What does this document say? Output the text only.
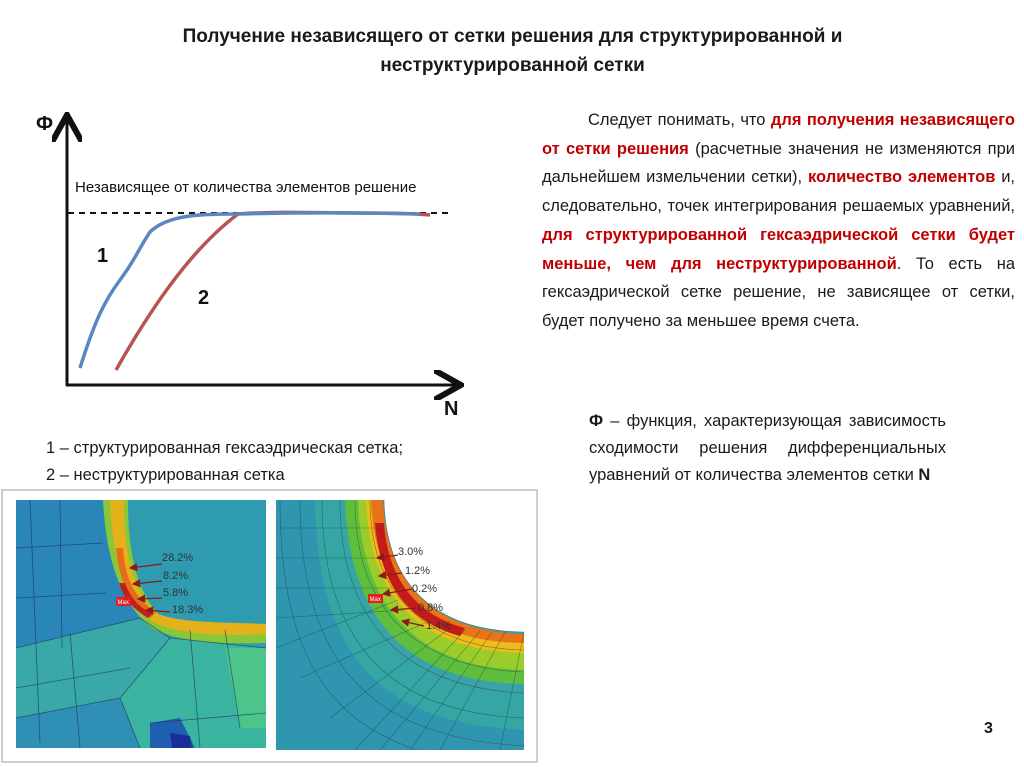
Получение независящего от сетки решения для структурированной и неструктурированной сетки
Ф
N
Независящее от количества элементов решение
1
2
1 – структурированная гексаэдрическая сетка;
2 – неструктурированная сетка

Следует понимать, что для получения независящего от сетки решения (расчетные значения не изменяются при дальнейшем измельчении сетки), количество элементов и, следовательно, точек интегрирования решаемых уравнений, для структурированной гексаэдрической сетки будет меньше, чем для неструктурированной. То есть на гексаэдрической сетке решение, не зависящее от сетки, будет получено за меньшее время счета.

Ф – функция, характеризующая зависимость сходимости решения дифференциальных уравнений от количества элементов сетки N

Max
28.2%
8.2%
5.8%
18.3%
Max
3.0%
1.2%
0.2%
0.8%
1.4%
3
